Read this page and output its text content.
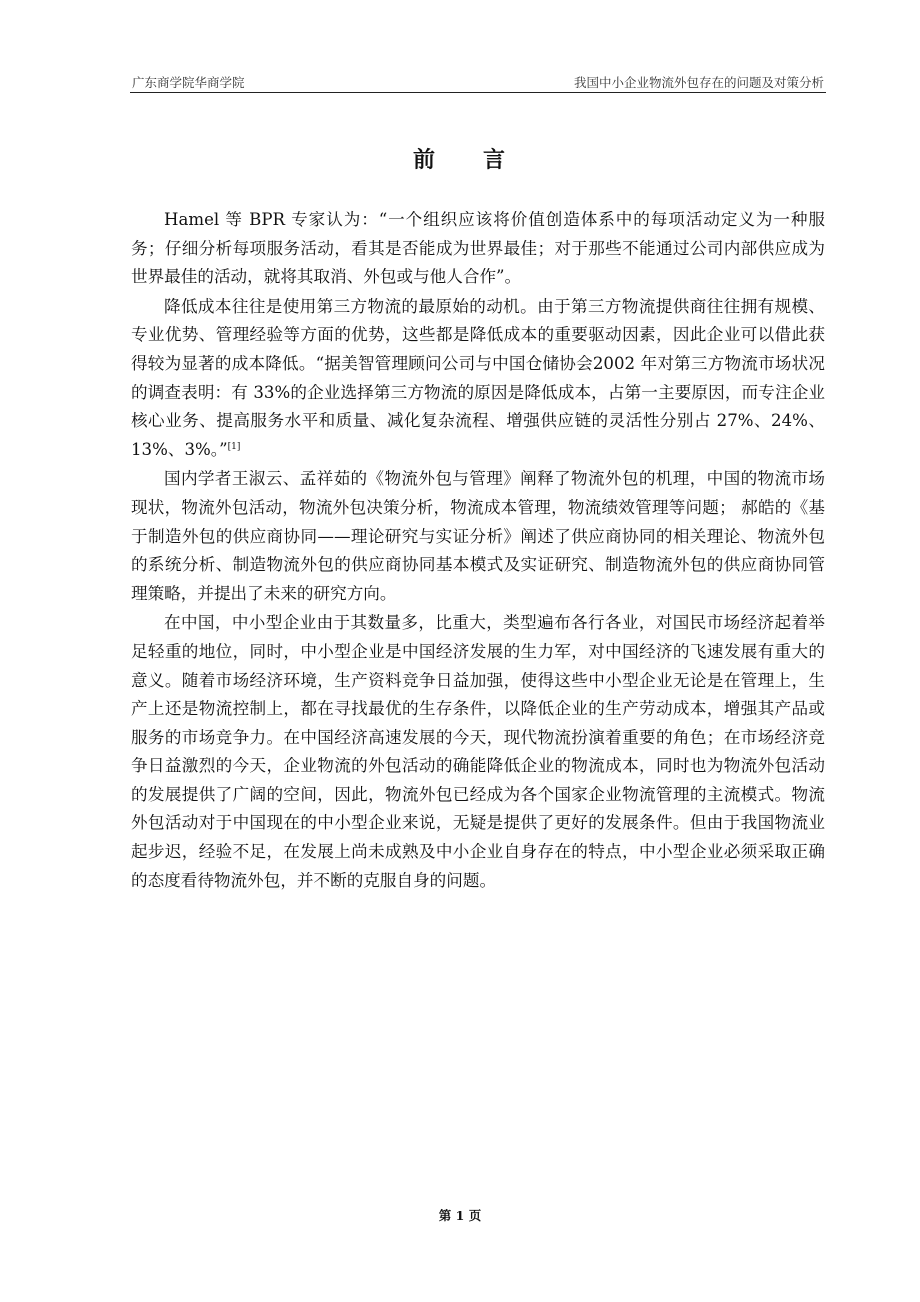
广东商学院华商学院	我国中小企业物流外包存在的问题及对策分析
前 言

Hamel 等 BPR 专家认为：“一个组织应该将价值创造体系中的每项活动定义为一种服务；仔细分析每项服务活动，看其是否能成为世界最佳；对于那些不能通过公司内部供应成为世界最佳的活动，就将其取消、外包或与他人合作”。

降低成本往往是使用第三方物流的最原始的动机。由于第三方物流提供商往往拥有规模、专业优势、管理经验等方面的优势，这些都是降低成本的重要驱动因素，因此企业可以借此获得较为显著的成本降低。“据美智管理顾问公司与中国仓储协会2002 年对第三方物流市场状况的调查表明：有 33%的企业选择第三方物流的原因是降低成本，占第一主要原因，而专注企业核心业务、提高服务水平和质量、减化复杂流程、增强供应链的灵活性分别占 27%、24%、13%、3%。”[1]

国内学者王淑云、孟祥茹的《物流外包与管理》阐释了物流外包的机理，中国的物流市场现状，物流外包活动，物流外包决策分析，物流成本管理，物流绩效管理等问题； 郝皓的《基于制造外包的供应商协同——理论研究与实证分析》阐述了供应商协同的相关理论、物流外包的系统分析、制造物流外包的供应商协同基本模式及实证研究、制造物流外包的供应商协同管理策略，并提出了未来的研究方向。

在中国，中小型企业由于其数量多，比重大，类型遍布各行各业，对国民市场经济起着举足轻重的地位，同时，中小型企业是中国经济发展的生力军，对中国经济的飞速发展有重大的意义。随着市场经济环境，生产资料竞争日益加强，使得这些中小型企业无论是在管理上，生产上还是物流控制上，都在寻找最优的生存条件，以降低企业的生产劳动成本，增强其产品或服务的市场竞争力。在中国经济高速发展的今天，现代物流扮演着重要的角色；在市场经济竞争日益激烈的今天，企业物流的外包活动的确能降低企业的物流成本，同时也为物流外包活动的发展提供了广阔的空间，因此，物流外包已经成为各个国家企业物流管理的主流模式。物流外包活动对于中国现在的中小型企业来说，无疑是提供了更好的发展条件。但由于我国物流业起步迟，经验不足，在发展上尚未成熟及中小企业自身存在的特点，中小型企业必须采取正确的态度看待物流外包，并不断的克服自身的问题。

第 1 页
